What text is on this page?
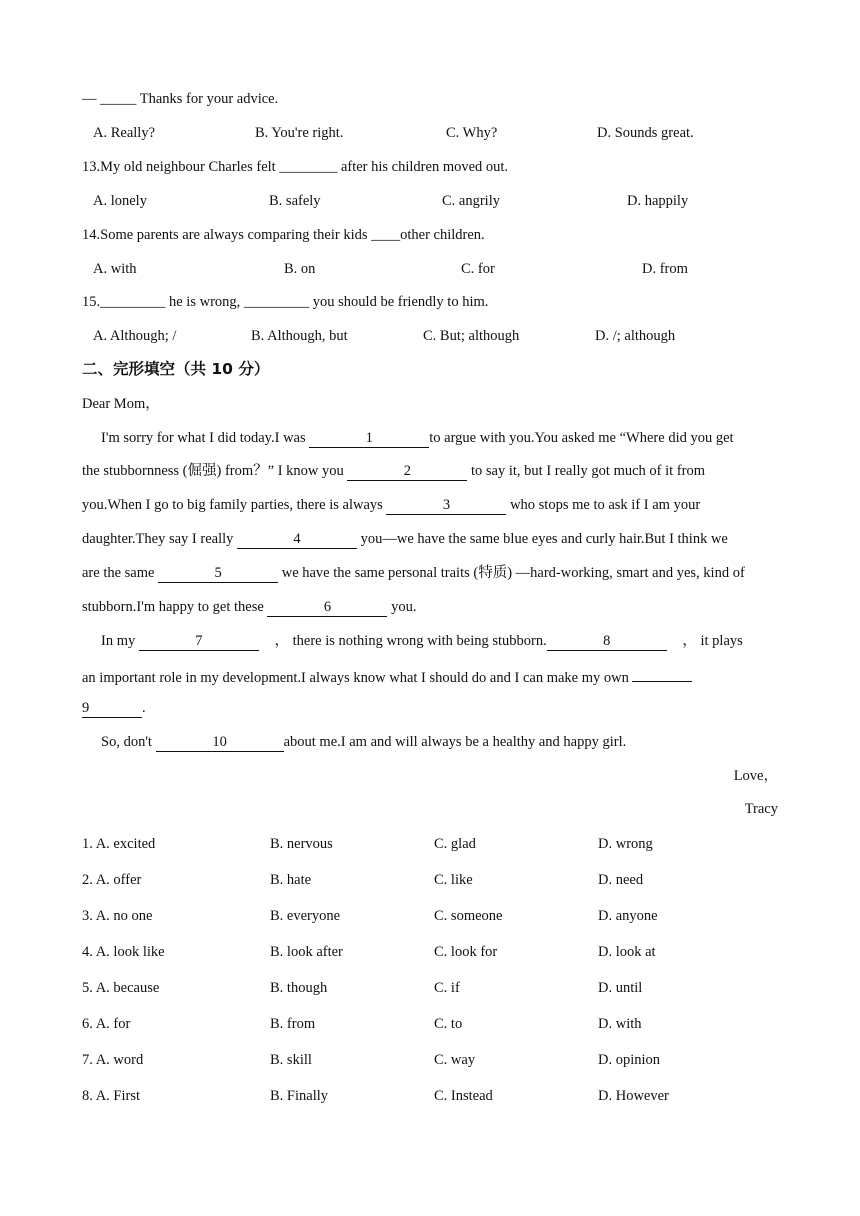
— _____ Thanks for your advice.
A. Really?	B. You're right.	C. Why?	D. Sounds great.
13.My old neighbour Charles felt ________ after his children moved out.
A. lonely	B. safely	C. angrily	D. happily
14.Some parents are always comparing their kids ____other children.
A. with	B. on	C. for	D. from
15._________ he is wrong, _________ you should be friendly to him.
A. Although; /	B. Although, but	C. But; although	D. /; although
二、完形填空（共 10 分）
Dear Mom，
I'm sorry for what I did today.I was	1	to argue with you.You asked me “Where did you get
the stubbornness (倔强) from？” I know you	2	to say it, but I really got much of it from
you.When I go to big family parties, there is always	3	who stops me to ask if I am your
daughter.They say I really	4	you—we have the same blue eyes and curly hair.But I think we
are the same	5	we have the same personal traits (特质) —hard-working, smart and yes, kind of
stubborn.I'm happy to get these	6	you.
In my	7	， there is nothing wrong with being stubborn.	8	， it plays
an important role in my development.I always know what I should do and I can make my own
9	.
So, don't	10	about me.I am and will always be a healthy and happy girl.
Love，
Tracy
1. A. excited	B. nervous	C. glad	D. wrong
2. A. offer	B. hate	C. like	D. need
3. A. no one	B. everyone	C. someone	D. anyone
4. A. look like	B. look after	C. look for	D. look at
5. A. because	B. though	C. if	D. until
6. A. for	B. from	C. to	D. with
7. A. word	B. skill	C. way	D. opinion
8. A. First	B. Finally	C. Instead	D. However
